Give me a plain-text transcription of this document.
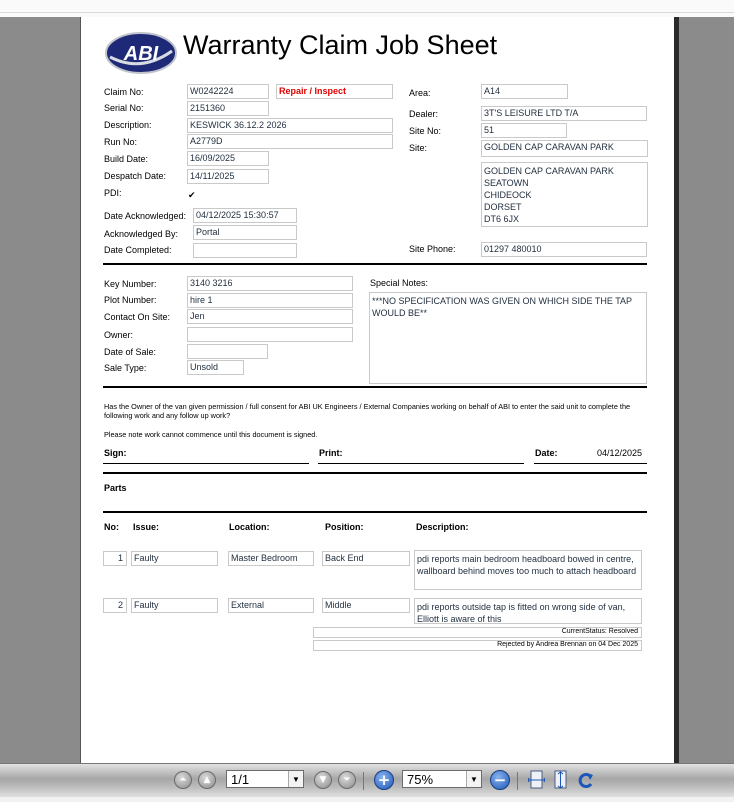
ABI Warranty Claim Job Sheet
Claim No:	W0242224	Repair / Inspect
Serial No:	2151360
Description:	KESWICK 36.12.2 2026
Run No:	A2779D
Build Date:	16/09/2025
Despatch Date:	14/11/2025
PDI:	✔
Date Acknowledged:	04/12/2025 15:30:57
Acknowledged By:	Portal
Date Completed:
Area:	A14
Dealer:	3T'S LEISURE LTD T/A
Site No:	51
Site:	GOLDEN CAP CARAVAN PARK
GOLDEN CAP CARAVAN PARK
SEATOWN
CHIDEOCK
DORSET
DT6 6JX
Site Phone:	01297 480010
Key Number:	3140 3216
Plot Number:	hire 1
Contact On Site:	Jen
Owner:
Date of Sale:
Sale Type:	Unsold
Special Notes:
***NO SPECIFICATION WAS GIVEN ON WHICH SIDE THE TAP WOULD BE**
Has the Owner of the van given permission / full consent for ABI UK Engineers / External Companies working on behalf of ABI to enter the said unit to complete the following work and any follow up work?
Please note work cannot commence until this document is signed.
Sign:	Print:	Date:	04/12/2025
Parts
No: Issue:	Location:	Position:	Description:
1	Faulty	Master Bedroom	Back End	pdi reports main bedroom headboard bowed in centre, wallboard behind moves too much to attach headboard
2	Faulty	External	Middle	pdi reports outside tap is fitted on wrong side of van, Elliott is aware of this
CurrentStatus: Resolved
Rejected by Andrea Brennan on 04 Dec 2025
⏶ ▲ 1/1	▼	▼ ⏷ + 75%	▼ −
